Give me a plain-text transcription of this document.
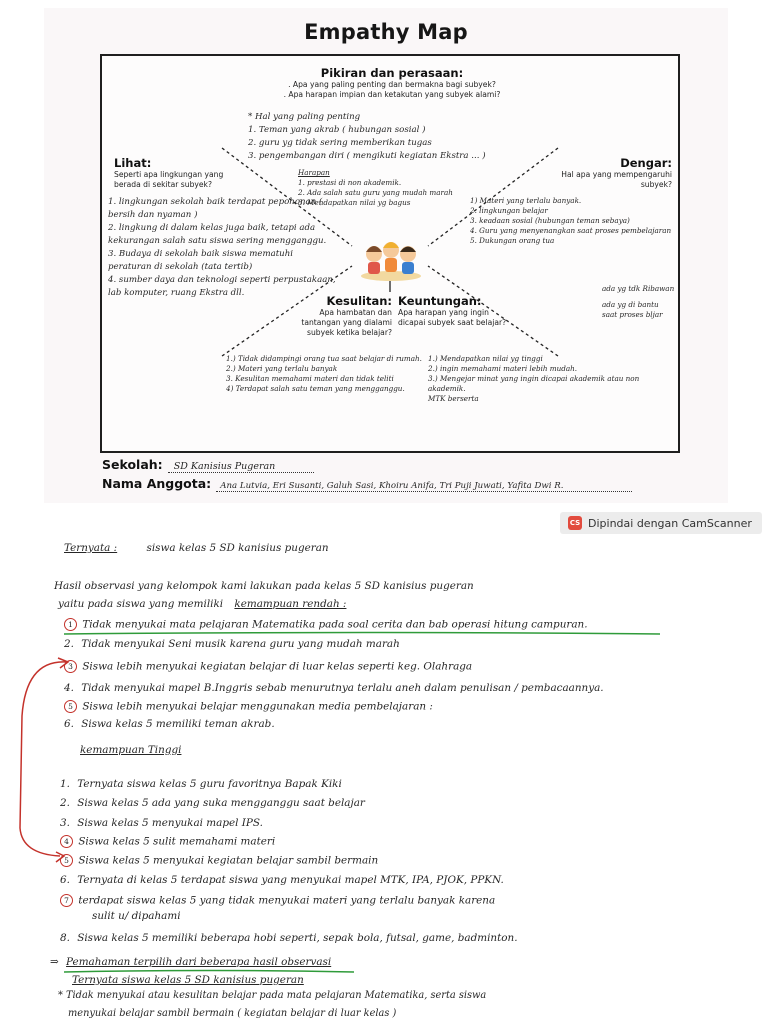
Empathy Map
Pikiran dan perasaan:
. Apa yang paling penting dan bermakna bagi subyek?
. Apa harapan impian dan ketakutan yang subyek alami?
* Hal yang paling penting
1. Teman yang akrab ( hubungan sosial )
2. guru yg tidak sering memberikan tugas
3. pengembangan diri ( mengikuti kegiatan Ekstra ... )
Lihat:
Seperti apa lingkungan yang berada di sekitar subyek?
1. lingkungan sekolah baik terdapat pepohonan ( bersih dan nyaman )
2. lingkung di dalam kelas juga baik, tetapi ada kekurangan salah satu siswa sering mengganggu.
3. Budaya di sekolah baik siswa mematuhi peraturan di sekolah (tata tertib)
4. sumber daya dan teknologi seperti perpustakaan, lab komputer, ruang Ekstra dll.
Harapan
1. prestasi di non akademik.
2. Ada salah satu guru yang mudah marah
3. Mendapatkan nilai yg bagus
Dengar:
Hal apa yang mempengaruhi subyek?
1) Materi yang terlalu banyak.
2. lingkungan belajar
3. keadaan sosial (hubungan teman sebaya)
4. Guru yang menyenangkan saat proses pembelajaran
5. Dukungan orang tua
ada yg tdk Ribawan
ada yg di bantu saat proses bljar
Kesulitan:
Apa hambatan dan tantangan yang dialami subyek ketika belajar?
1.) Tidak didampingi orang tua saat belajar di rumah.
2.) Materi yang terlalu banyak
3. Kesulitan memahami materi dan tidak teliti
4) Terdapat salah satu teman yang mengganggu.
Keuntungan:
Apa harapan yang ingin dicapai subyek saat belajar?
1.) Mendapatkan nilai yg tinggi
2.) ingin memahami materi lebih mudah.
3.) Mengejar minat yang ingin dicapai akademik atau non akademik.
MTK berserta
Sekolah: SD Kanisius Pugeran
Nama Anggota: Ana Lutvia, Eri Susanti, Galuh Sasi, Khoiru Anifa, Tri Puji Juwati, Yafita Dwi R.
CS Dipindai dengan CamScanner
Ternyata :	siswa kelas 5 SD kanisius pugeran
Hasil observasi yang kelompok kami lakukan pada kelas 5 SD kanisius pugeran
yaitu pada siswa yang memiliki kemampuan rendah :
1 Tidak menyukai mata pelajaran Matematika pada soal cerita dan bab operasi hitung campuran.
2. Tidak menyukai Seni musik karena guru yang mudah marah
3 Siswa lebih menyukai kegiatan belajar di luar kelas seperti keg. Olahraga
4. Tidak menyukai mapel B.Inggris sebab menurutnya terlalu aneh dalam penulisan / pembacaannya.
5 Siswa lebih menyukai belajar menggunakan media pembelajaran :
6. Siswa kelas 5 memiliki teman akrab.
kemampuan Tinggi
1. Ternyata siswa kelas 5 guru favoritnya Bapak Kiki
2. Siswa kelas 5 ada yang suka mengganggu saat belajar
3. Siswa kelas 5 menyukai mapel IPS.
4 Siswa kelas 5 sulit memahami materi
5 Siswa kelas 5 menyukai kegiatan belajar sambil bermain
6. Ternyata di kelas 5 terdapat siswa yang menyukai mapel MTK, IPA, PJOK, PPKN.
7 terdapat siswa kelas 5 yang tidak menyukai materi yang terlalu banyak karena
sulit u/ dipahami
8. Siswa kelas 5 memiliki beberapa hobi seperti, sepak bola, futsal, game, badminton.
⇒ Pemahaman terpilih dari beberapa hasil observasi
Ternyata siswa kelas 5 SD kanisius pugeran
* Tidak menyukai atau kesulitan belajar pada mata pelajaran Matematika, serta siswa
menyukai belajar sambil bermain ( kegiatan belajar di luar kelas )
